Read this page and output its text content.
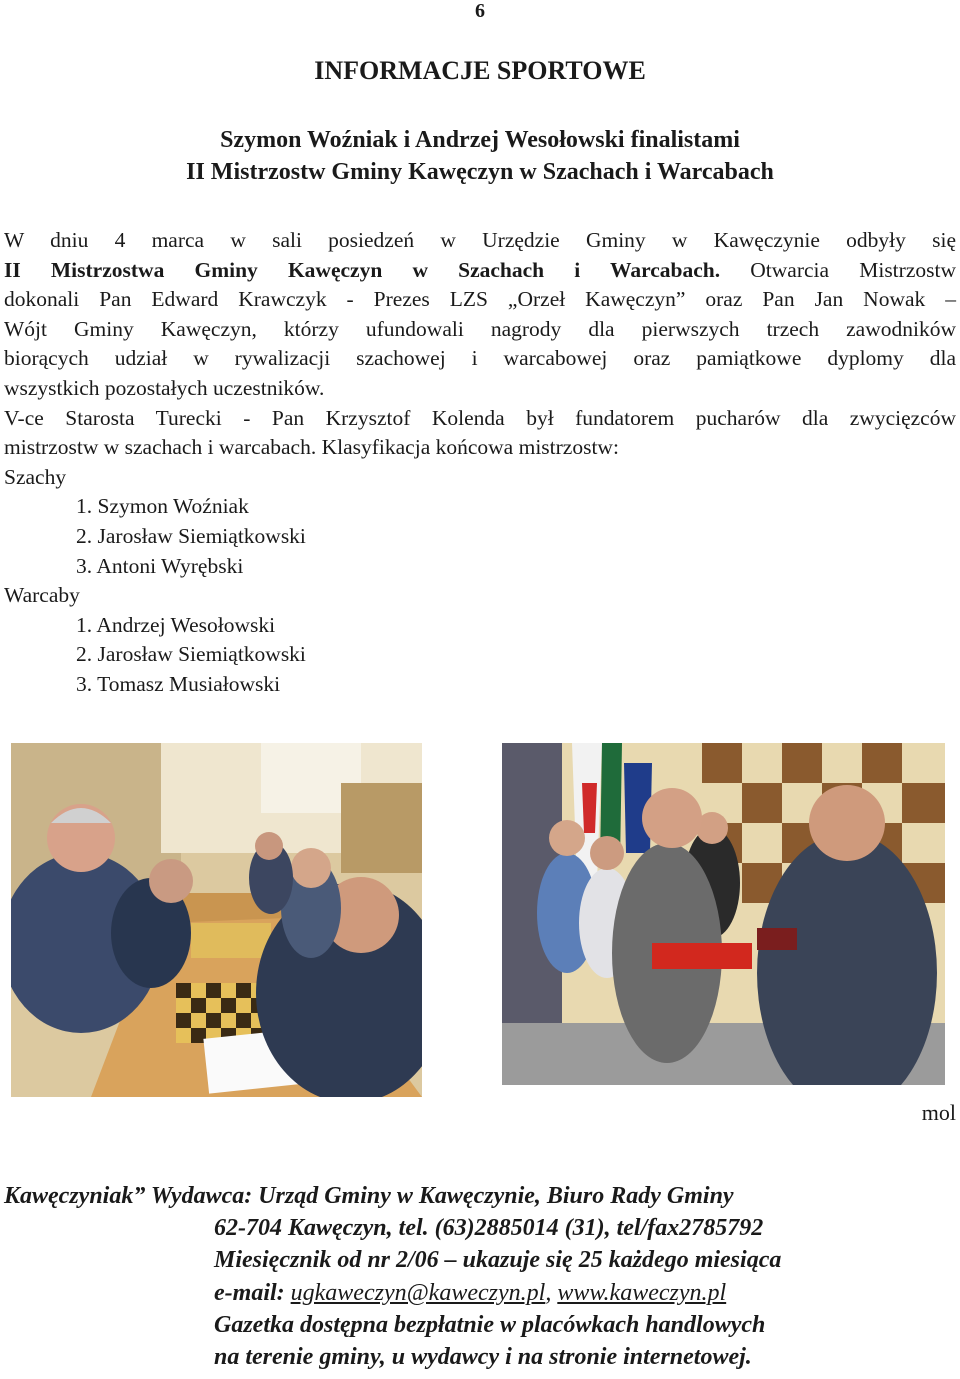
6
INFORMACJE SPORTOWE
Szymon Woźniak i Andrzej Wesołowski finalistami
II Mistrzostw Gminy Kawęczyn w Szachach i Warcabach
W dniu 4 marca w sali posiedzeń w Urzędzie Gminy w Kawęczynie odbyły się
II Mistrzostwa Gminy Kawęczyn w Szachach i Warcabach. Otwarcia Mistrzostw
dokonali Pan Edward Krawczyk - Prezes LZS „Orzeł Kawęczyn” oraz Pan Jan Nowak –
Wójt Gminy Kawęczyn, którzy ufundowali nagrody dla pierwszych trzech zawodników
biorących udział w rywalizacji szachowej i warcabowej oraz pamiątkowe dyplomy dla
wszystkich pozostałych uczestników.
V-ce Starosta Turecki - Pan Krzysztof Kolenda był fundatorem pucharów dla zwycięzców
mistrzostw w szachach i warcabach. Klasyfikacja końcowa mistrzostw:
Szachy
1. Szymon Woźniak
2. Jarosław Siemiątkowski
3. Antoni Wyrębski
Warcaby
1. Andrzej Wesołowski
2. Jarosław Siemiątkowski
3. Tomasz Musiałowski
mol
Kawęczyniak” Wydawca: Urząd Gminy w Kawęczynie, Biuro Rady Gminy
62-704 Kawęczyn, tel. (63)2885014 (31), tel/fax2785792
Miesięcznik od nr 2/06 – ukazuje się 25 każdego miesiąca
e-mail: ugkaweczyn@kaweczyn.pl, www.kaweczyn.pl
Gazetka dostępna bezpłatnie w placówkach handlowych
na terenie gminy, u wydawcy i na stronie internetowej.
